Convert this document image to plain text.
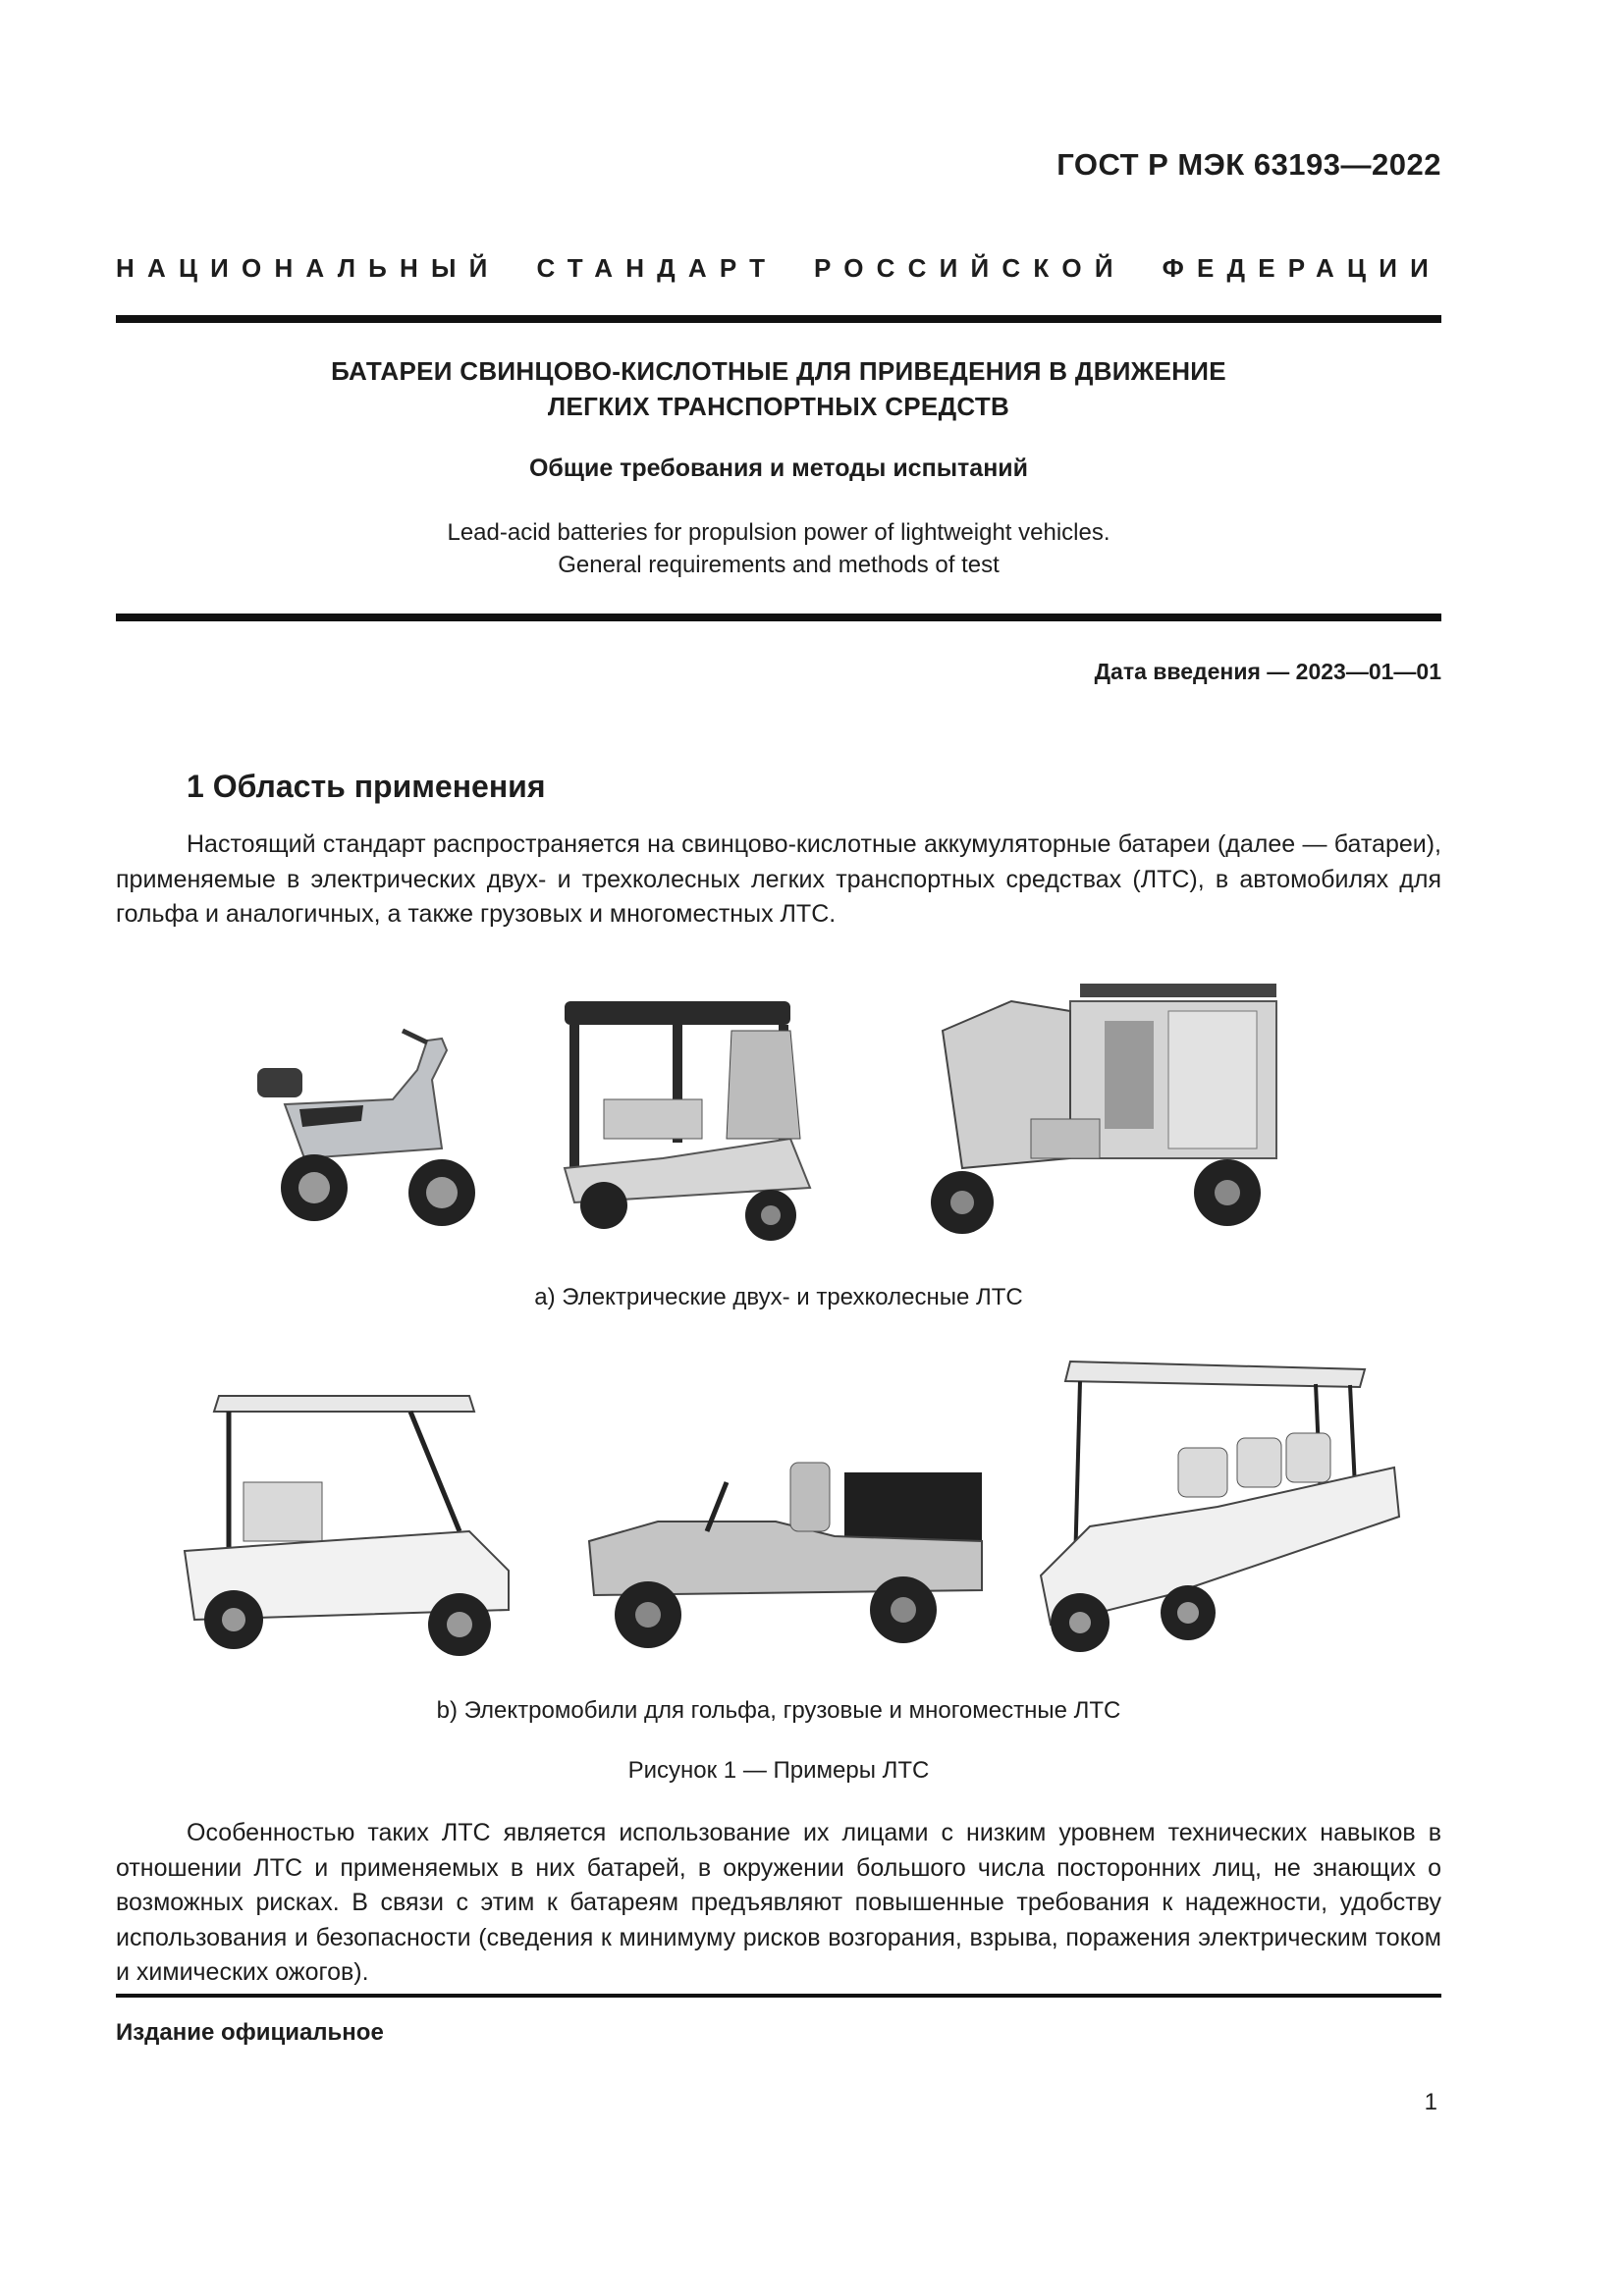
ГОСТ Р МЭК 63193—2022
НАЦИОНАЛЬНЫЙ СТАНДАРТ РОССИЙСКОЙ ФЕДЕРАЦИИ
БАТАРЕИ СВИНЦОВО-КИСЛОТНЫЕ ДЛЯ ПРИВЕДЕНИЯ В ДВИЖЕНИЕ
ЛЕГКИХ ТРАНСПОРТНЫХ СРЕДСТВ
Общие требования и методы испытаний
Lead-acid batteries for propulsion power of lightweight vehicles.
General requirements and methods of test
Дата введения — 2023—01—01
1 Область применения
Настоящий стандарт распространяется на свинцово-кислотные аккумуляторные батареи (далее — батареи), применяемые в электрических двух- и трехколесных легких транспортных средствах (ЛТС), в автомобилях для гольфа и аналогичных, а также грузовых и многоместных ЛТС.
a) Электрические двух- и трехколесные ЛТС
b) Электромобили для гольфа, грузовые и многоместные ЛТС
Рисунок 1 — Примеры ЛТС
Особенностью таких ЛТС является использование их лицами с низким уровнем технических навыков в отношении ЛТС и применяемых в них батарей, в окружении большого числа посторонних лиц, не знающих о возможных рисках. В связи с этим к батареям предъявляют повышенные требования к надежности, удобству использования и безопасности (сведения к минимуму рисков возгорания, взрыва, поражения электрическим током и химических ожогов).
Издание официальное
1
